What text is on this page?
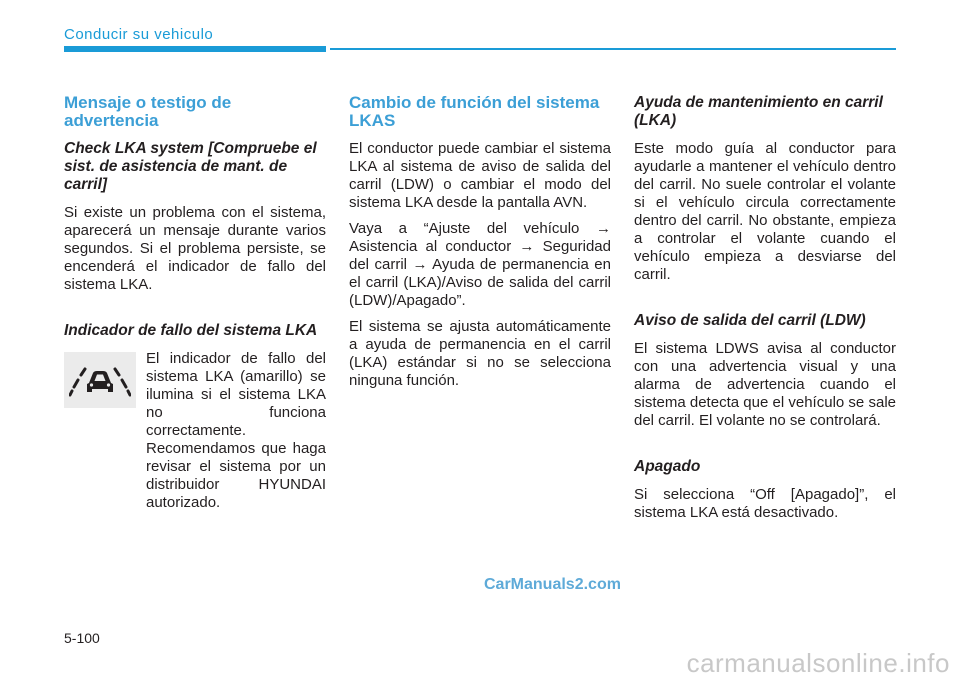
Conducir su vehiculo
Mensaje o testigo de advertencia
Check LKA system [Compruebe el sist. de asistencia de mant. de carril]
Si existe un problema con el sistema, aparecerá un mensaje durante varios segundos. Si el problema persiste, se encenderá el indicador de fallo del sistema LKA.
Indicador de fallo del sistema LKA
El indicador de fallo del sistema LKA (amarillo) se ilumina si el sistema LKA no funciona correctamente. Recomendamos que haga revisar el sistema por un distribuidor HYUNDAI autorizado.
Cambio de función del sistema LKAS
El conductor puede cambiar el sistema LKA al sistema de aviso de salida del carril (LDW) o cambiar el modo del sistema LKA desde la pantalla AVN.
Vaya a “Ajuste del vehículo → Asistencia al conductor → Seguridad del carril → Ayuda de permanencia en el carril (LKA)/Aviso de salida del carril (LDW)/Apagado”.
El sistema se ajusta automáticamente a ayuda de permanencia en el carril (LKA) estándar si no se selecciona ninguna función.
Ayuda de mantenimiento en carril (LKA)
Este modo guía al conductor para ayudarle a mantener el vehículo dentro del carril. No suele controlar el volante si el vehículo circula correctamente dentro del carril. No obstante, empieza a controlar el volante cuando el vehículo empieza a desviarse del carril.
Aviso de salida del carril (LDW)
El sistema LDWS avisa al conductor con una advertencia visual y una alarma de advertencia cuando el sistema detecta que el vehículo se sale del carril. El volante no se controlará.
Apagado
Si selecciona “Off [Apagado]”, el sistema LKA está desactivado.
CarManuals2.com
5-100
carmanualsonline.info
